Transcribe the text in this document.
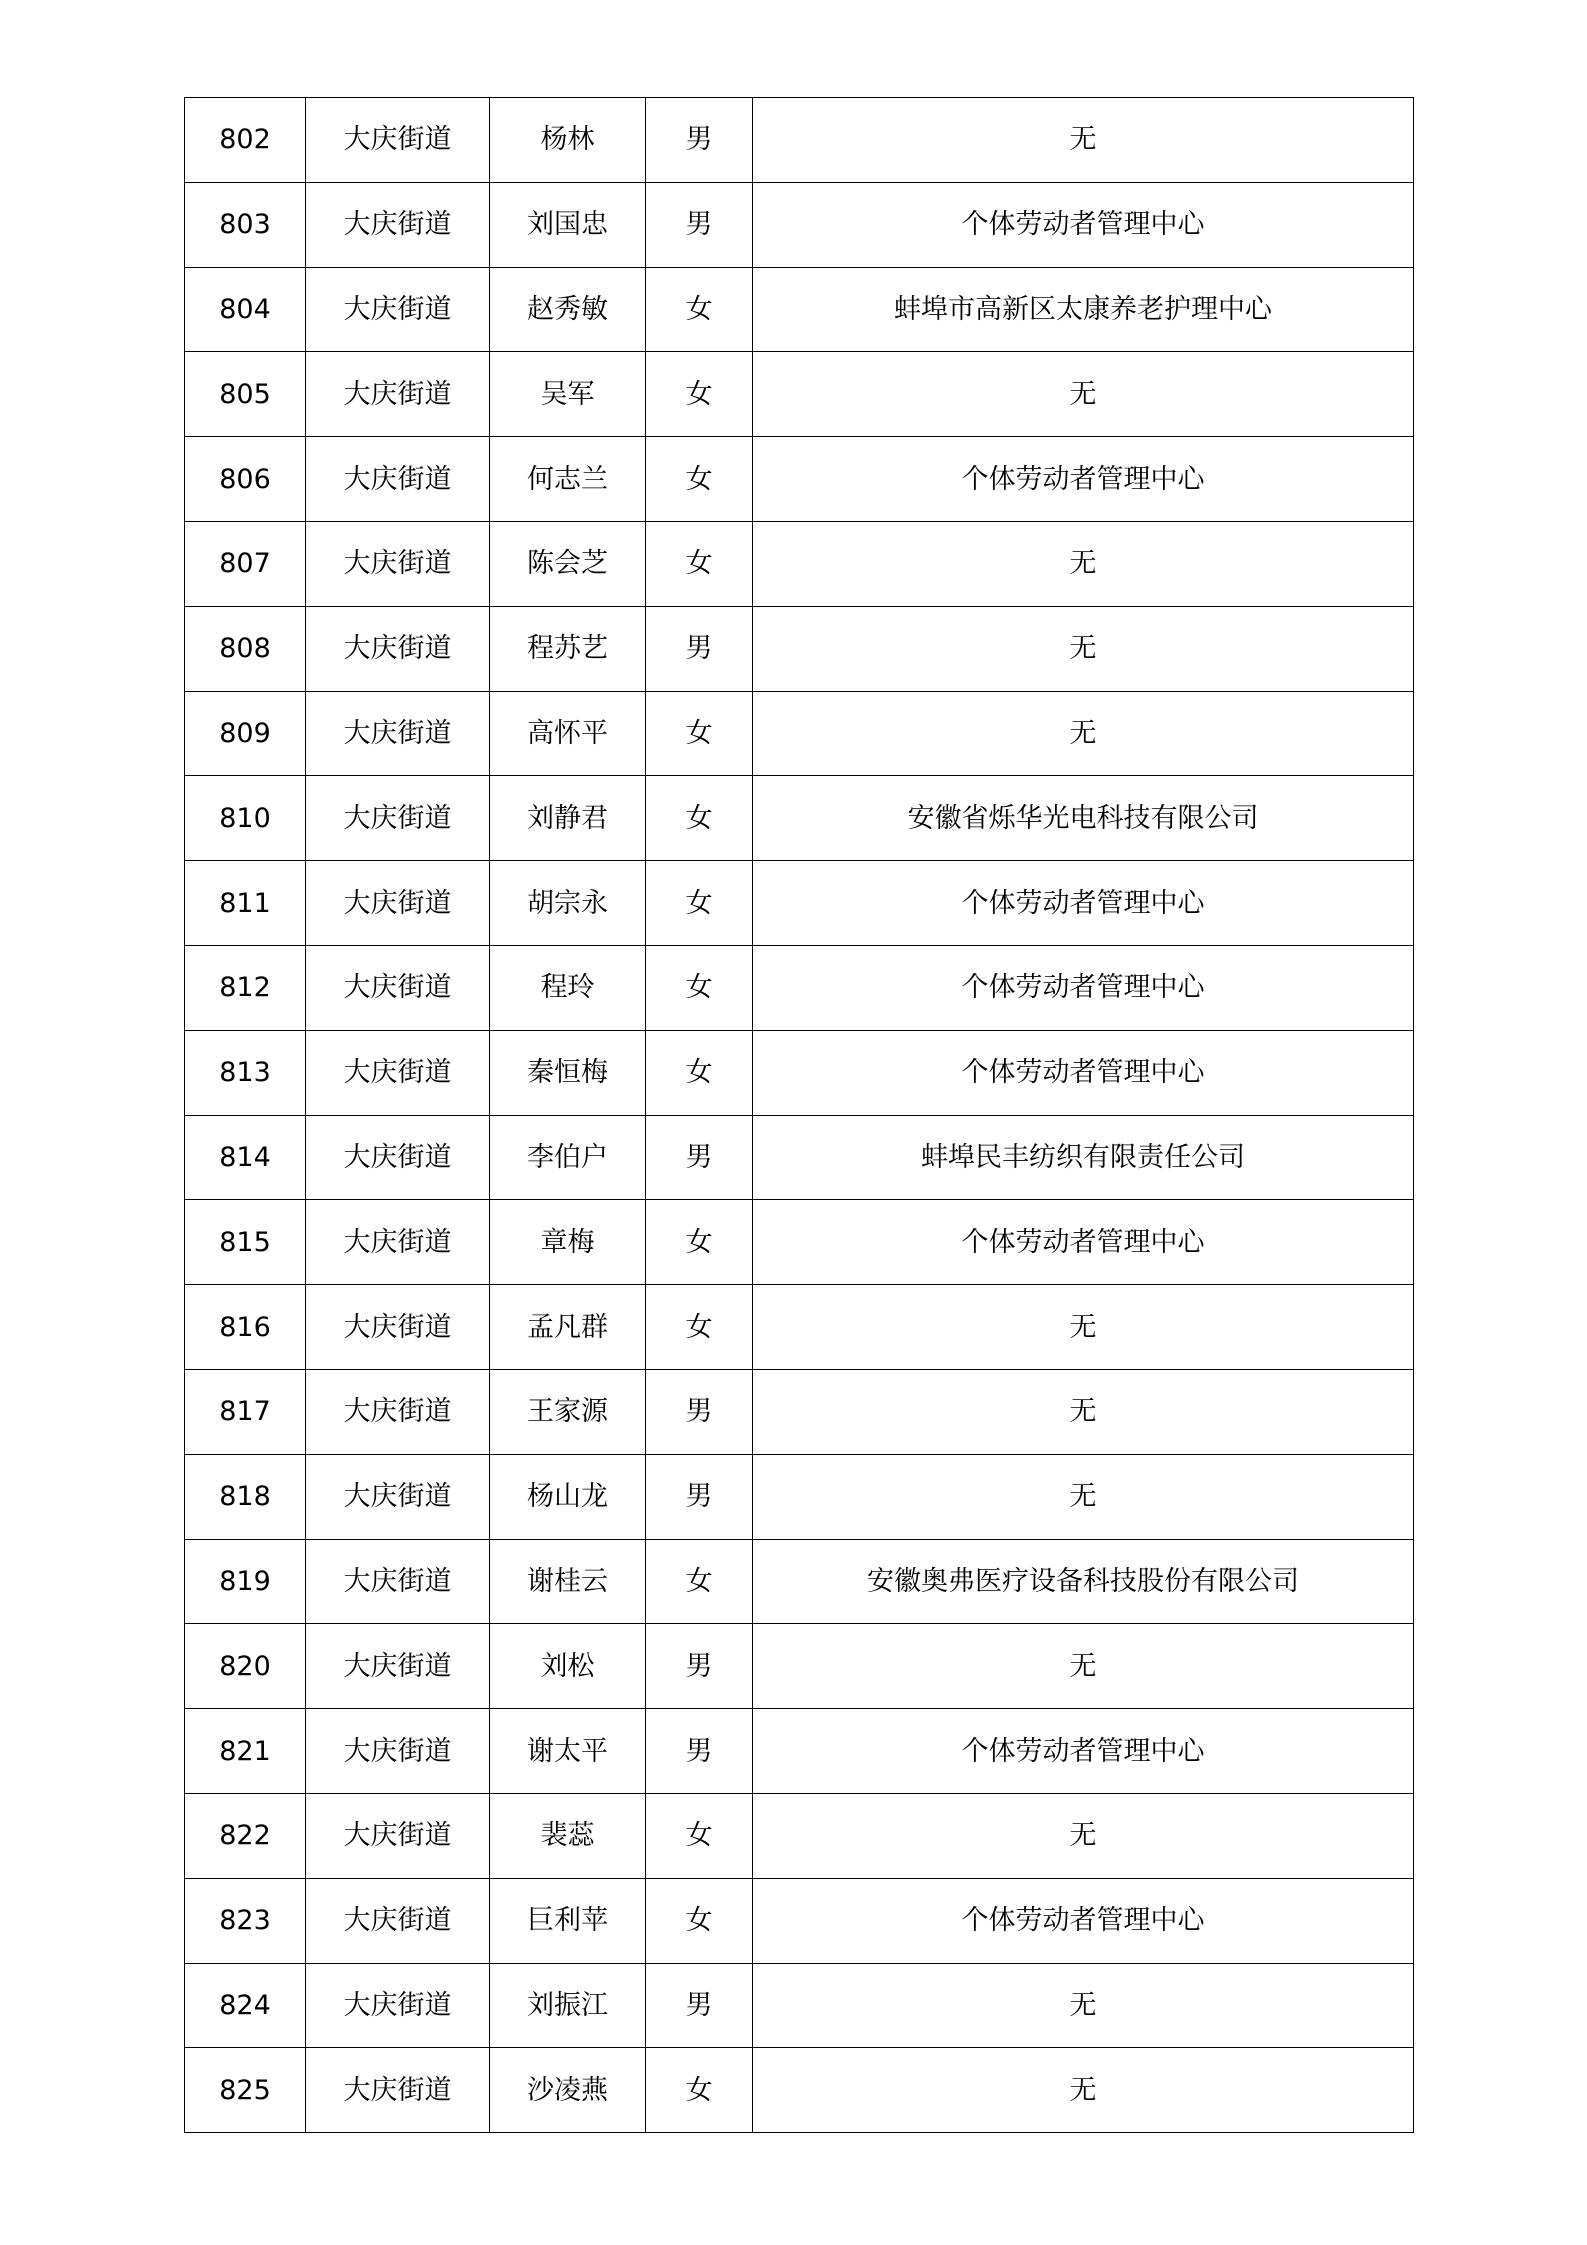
802	大庆街道	杨林	男	无
803	大庆街道	刘国忠	男	个体劳动者管理中心
804	大庆街道	赵秀敏	女	蚌埠市高新区太康养老护理中心
805	大庆街道	吴军	女	无
806	大庆街道	何志兰	女	个体劳动者管理中心
807	大庆街道	陈会芝	女	无
808	大庆街道	程苏艺	男	无
809	大庆街道	高怀平	女	无
810	大庆街道	刘静君	女	安徽省烁华光电科技有限公司
811	大庆街道	胡宗永	女	个体劳动者管理中心
812	大庆街道	程玲	女	个体劳动者管理中心
813	大庆街道	秦恒梅	女	个体劳动者管理中心
814	大庆街道	李伯户	男	蚌埠民丰纺织有限责任公司
815	大庆街道	章梅	女	个体劳动者管理中心
816	大庆街道	孟凡群	女	无
817	大庆街道	王家源	男	无
818	大庆街道	杨山龙	男	无
819	大庆街道	谢桂云	女	安徽奥弗医疗设备科技股份有限公司
820	大庆街道	刘松	男	无
821	大庆街道	谢太平	男	个体劳动者管理中心
822	大庆街道	裴蕊	女	无
823	大庆街道	巨利苹	女	个体劳动者管理中心
824	大庆街道	刘振江	男	无
825	大庆街道	沙凌燕	女	无
